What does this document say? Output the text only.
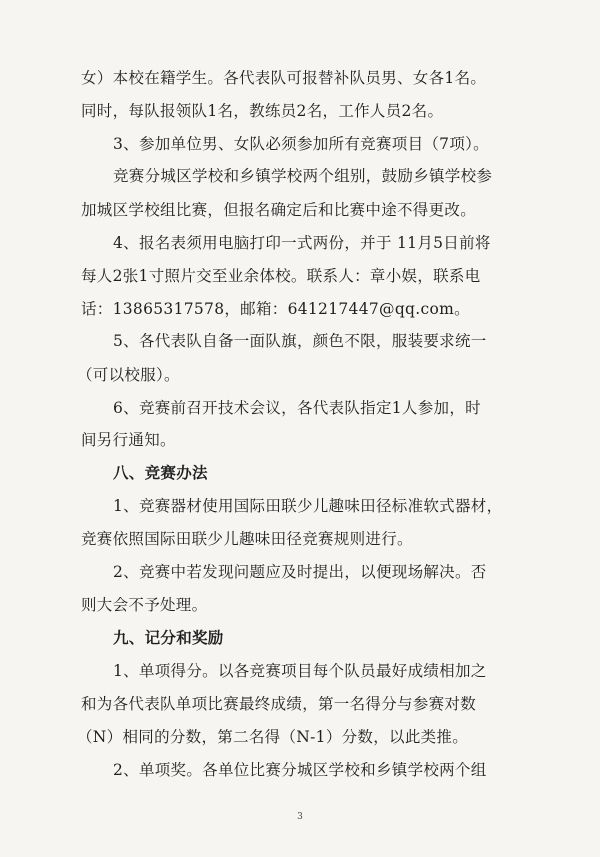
女）本校在籍学生。各代表队可报替补队员男、女各1名。
同时，每队报领队1名，教练员2名，工作人员2名。
3、参加单位男、女队必须参加所有竞赛项目（7项）。
竞赛分城区学校和乡镇学校两个组别，鼓励乡镇学校参
加城区学校组比赛，但报名确定后和比赛中途不得更改。
4、报名表须用电脑打印一式两份，并于 11月5日前将
每人2张1寸照片交至业余体校。联系人：章小娱，联系电
话：13865317578，邮箱：641217447@qq.com。
5、各代表队自备一面队旗，颜色不限，服装要求统一
（可以校服）。
6、竞赛前召开技术会议，各代表队指定1人参加，时
间另行通知。
八、竞赛办法
1、竞赛器材使用国际田联少儿趣味田径标准软式器材，
竞赛依照国际田联少儿趣味田径竞赛规则进行。
2、竞赛中若发现问题应及时提出，以便现场解决。否
则大会不予处理。
九、记分和奖励
1、单项得分。以各竞赛项目每个队员最好成绩相加之
和为各代表队单项比赛最终成绩，第一名得分与参赛对数
（N）相同的分数，第二名得（N-1）分数，以此类推。
2、单项奖。各单位比赛分城区学校和乡镇学校两个组
3
